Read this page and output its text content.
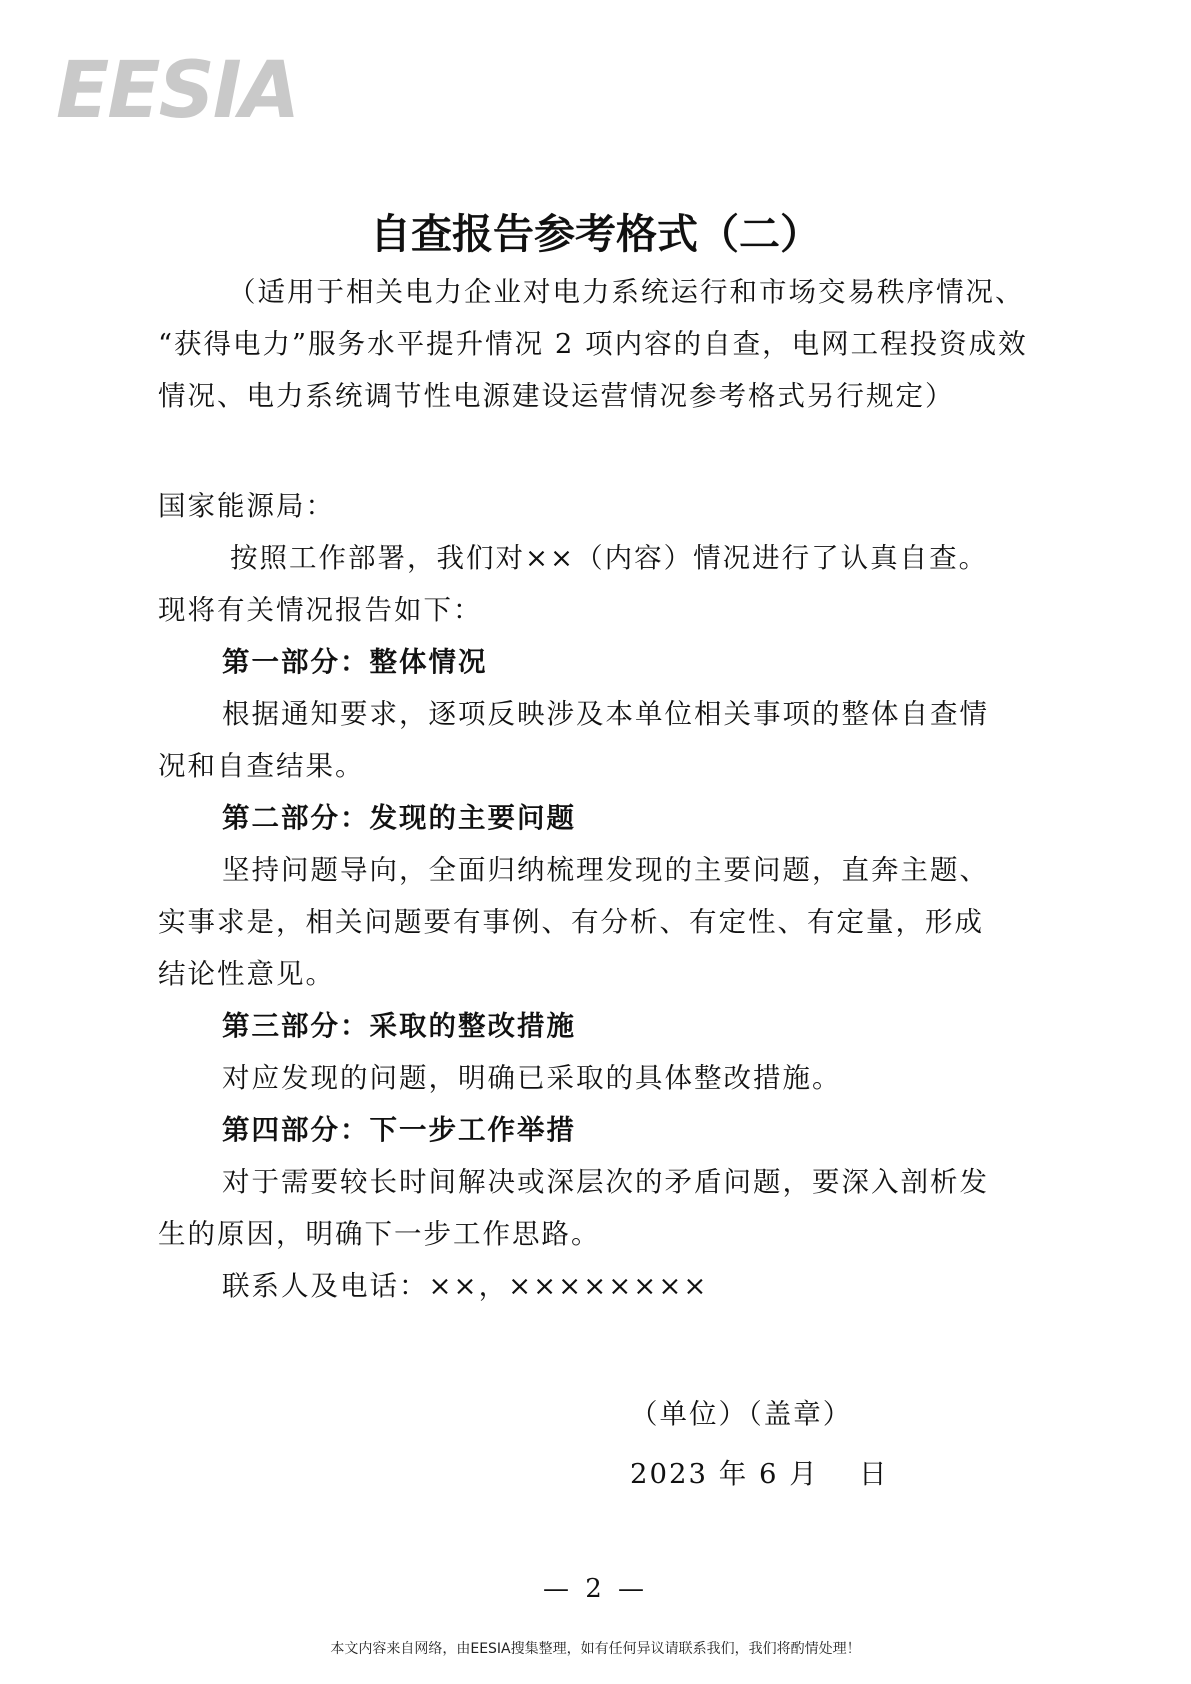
EESIA
自查报告参考格式（二）
（适用于相关电力企业对电力系统运行和市场交易秩序情况、
“获得电力”服务水平提升情况 2 项内容的自查，电网工程投资成效
情况、电力系统调节性电源建设运营情况参考格式另行规定）

国家能源局：

按照工作部署，我们对××（内容）情况进行了认真自查。

现将有关情况报告如下：

第一部分：整体情况

根据通知要求，逐项反映涉及本单位相关事项的整体自查情

况和自查结果。

第二部分：发现的主要问题

坚持问题导向，全面归纳梳理发现的主要问题，直奔主题、

实事求是，相关问题要有事例、有分析、有定性、有定量，形成

结论性意见。

第三部分：采取的整改措施

对应发现的问题，明确已采取的具体整改措施。

第四部分：下一步工作举措

对于需要较长时间解决或深层次的矛盾问题，要深入剖析发

生的原因，明确下一步工作思路。

联系人及电话：××，××××××××

（单位）（盖章）
2023 年 6 月　 日
— 2 —
本文内容来自网络，由EESIA搜集整理，如有任何异议请联系我们，我们将酌情处理！
